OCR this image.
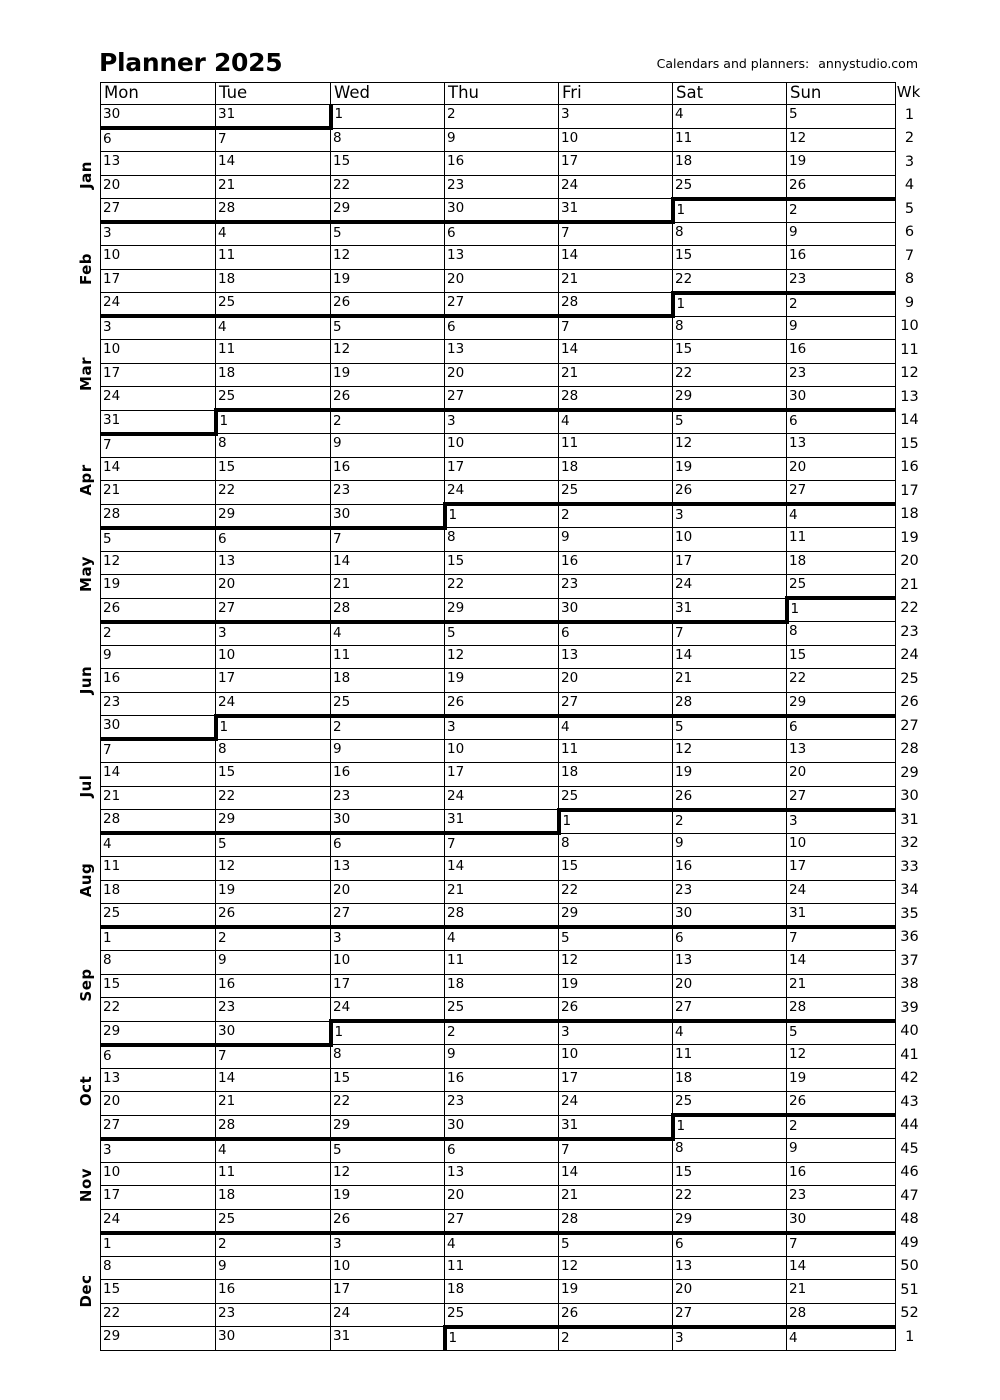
Planner 2025	Calendars and planners: annystudio.com
Jan
Feb
Mar
Apr
May
Jun
Jul
Aug
Sep
Oct
Nov
Dec
Mon	Tue	Wed	Thu	Fri	Sat	Sun	Wk
30	31	1	2	3	4	5	1
6	7	8	9	10	11	12	2
13	14	15	16	17	18	19	3
20	21	22	23	24	25	26	4
27	28	29	30	31	1	2	5
3	4	5	6	7	8	9	6
10	11	12	13	14	15	16	7
17	18	19	20	21	22	23	8
24	25	26	27	28	1	2	9
3	4	5	6	7	8	9	10
10	11	12	13	14	15	16	11
17	18	19	20	21	22	23	12
24	25	26	27	28	29	30	13
31	1	2	3	4	5	6	14
7	8	9	10	11	12	13	15
14	15	16	17	18	19	20	16
21	22	23	24	25	26	27	17
28	29	30	1	2	3	4	18
5	6	7	8	9	10	11	19
12	13	14	15	16	17	18	20
19	20	21	22	23	24	25	21
26	27	28	29	30	31	1	22
2	3	4	5	6	7	8	23
9	10	11	12	13	14	15	24
16	17	18	19	20	21	22	25
23	24	25	26	27	28	29	26
30	1	2	3	4	5	6	27
7	8	9	10	11	12	13	28
14	15	16	17	18	19	20	29
21	22	23	24	25	26	27	30
28	29	30	31	1	2	3	31
4	5	6	7	8	9	10	32
11	12	13	14	15	16	17	33
18	19	20	21	22	23	24	34
25	26	27	28	29	30	31	35
1	2	3	4	5	6	7	36
8	9	10	11	12	13	14	37
15	16	17	18	19	20	21	38
22	23	24	25	26	27	28	39
29	30	1	2	3	4	5	40
6	7	8	9	10	11	12	41
13	14	15	16	17	18	19	42
20	21	22	23	24	25	26	43
27	28	29	30	31	1	2	44
3	4	5	6	7	8	9	45
10	11	12	13	14	15	16	46
17	18	19	20	21	22	23	47
24	25	26	27	28	29	30	48
1	2	3	4	5	6	7	49
8	9	10	11	12	13	14	50
15	16	17	18	19	20	21	51
22	23	24	25	26	27	28	52
29	30	31	1	2	3	4	1
